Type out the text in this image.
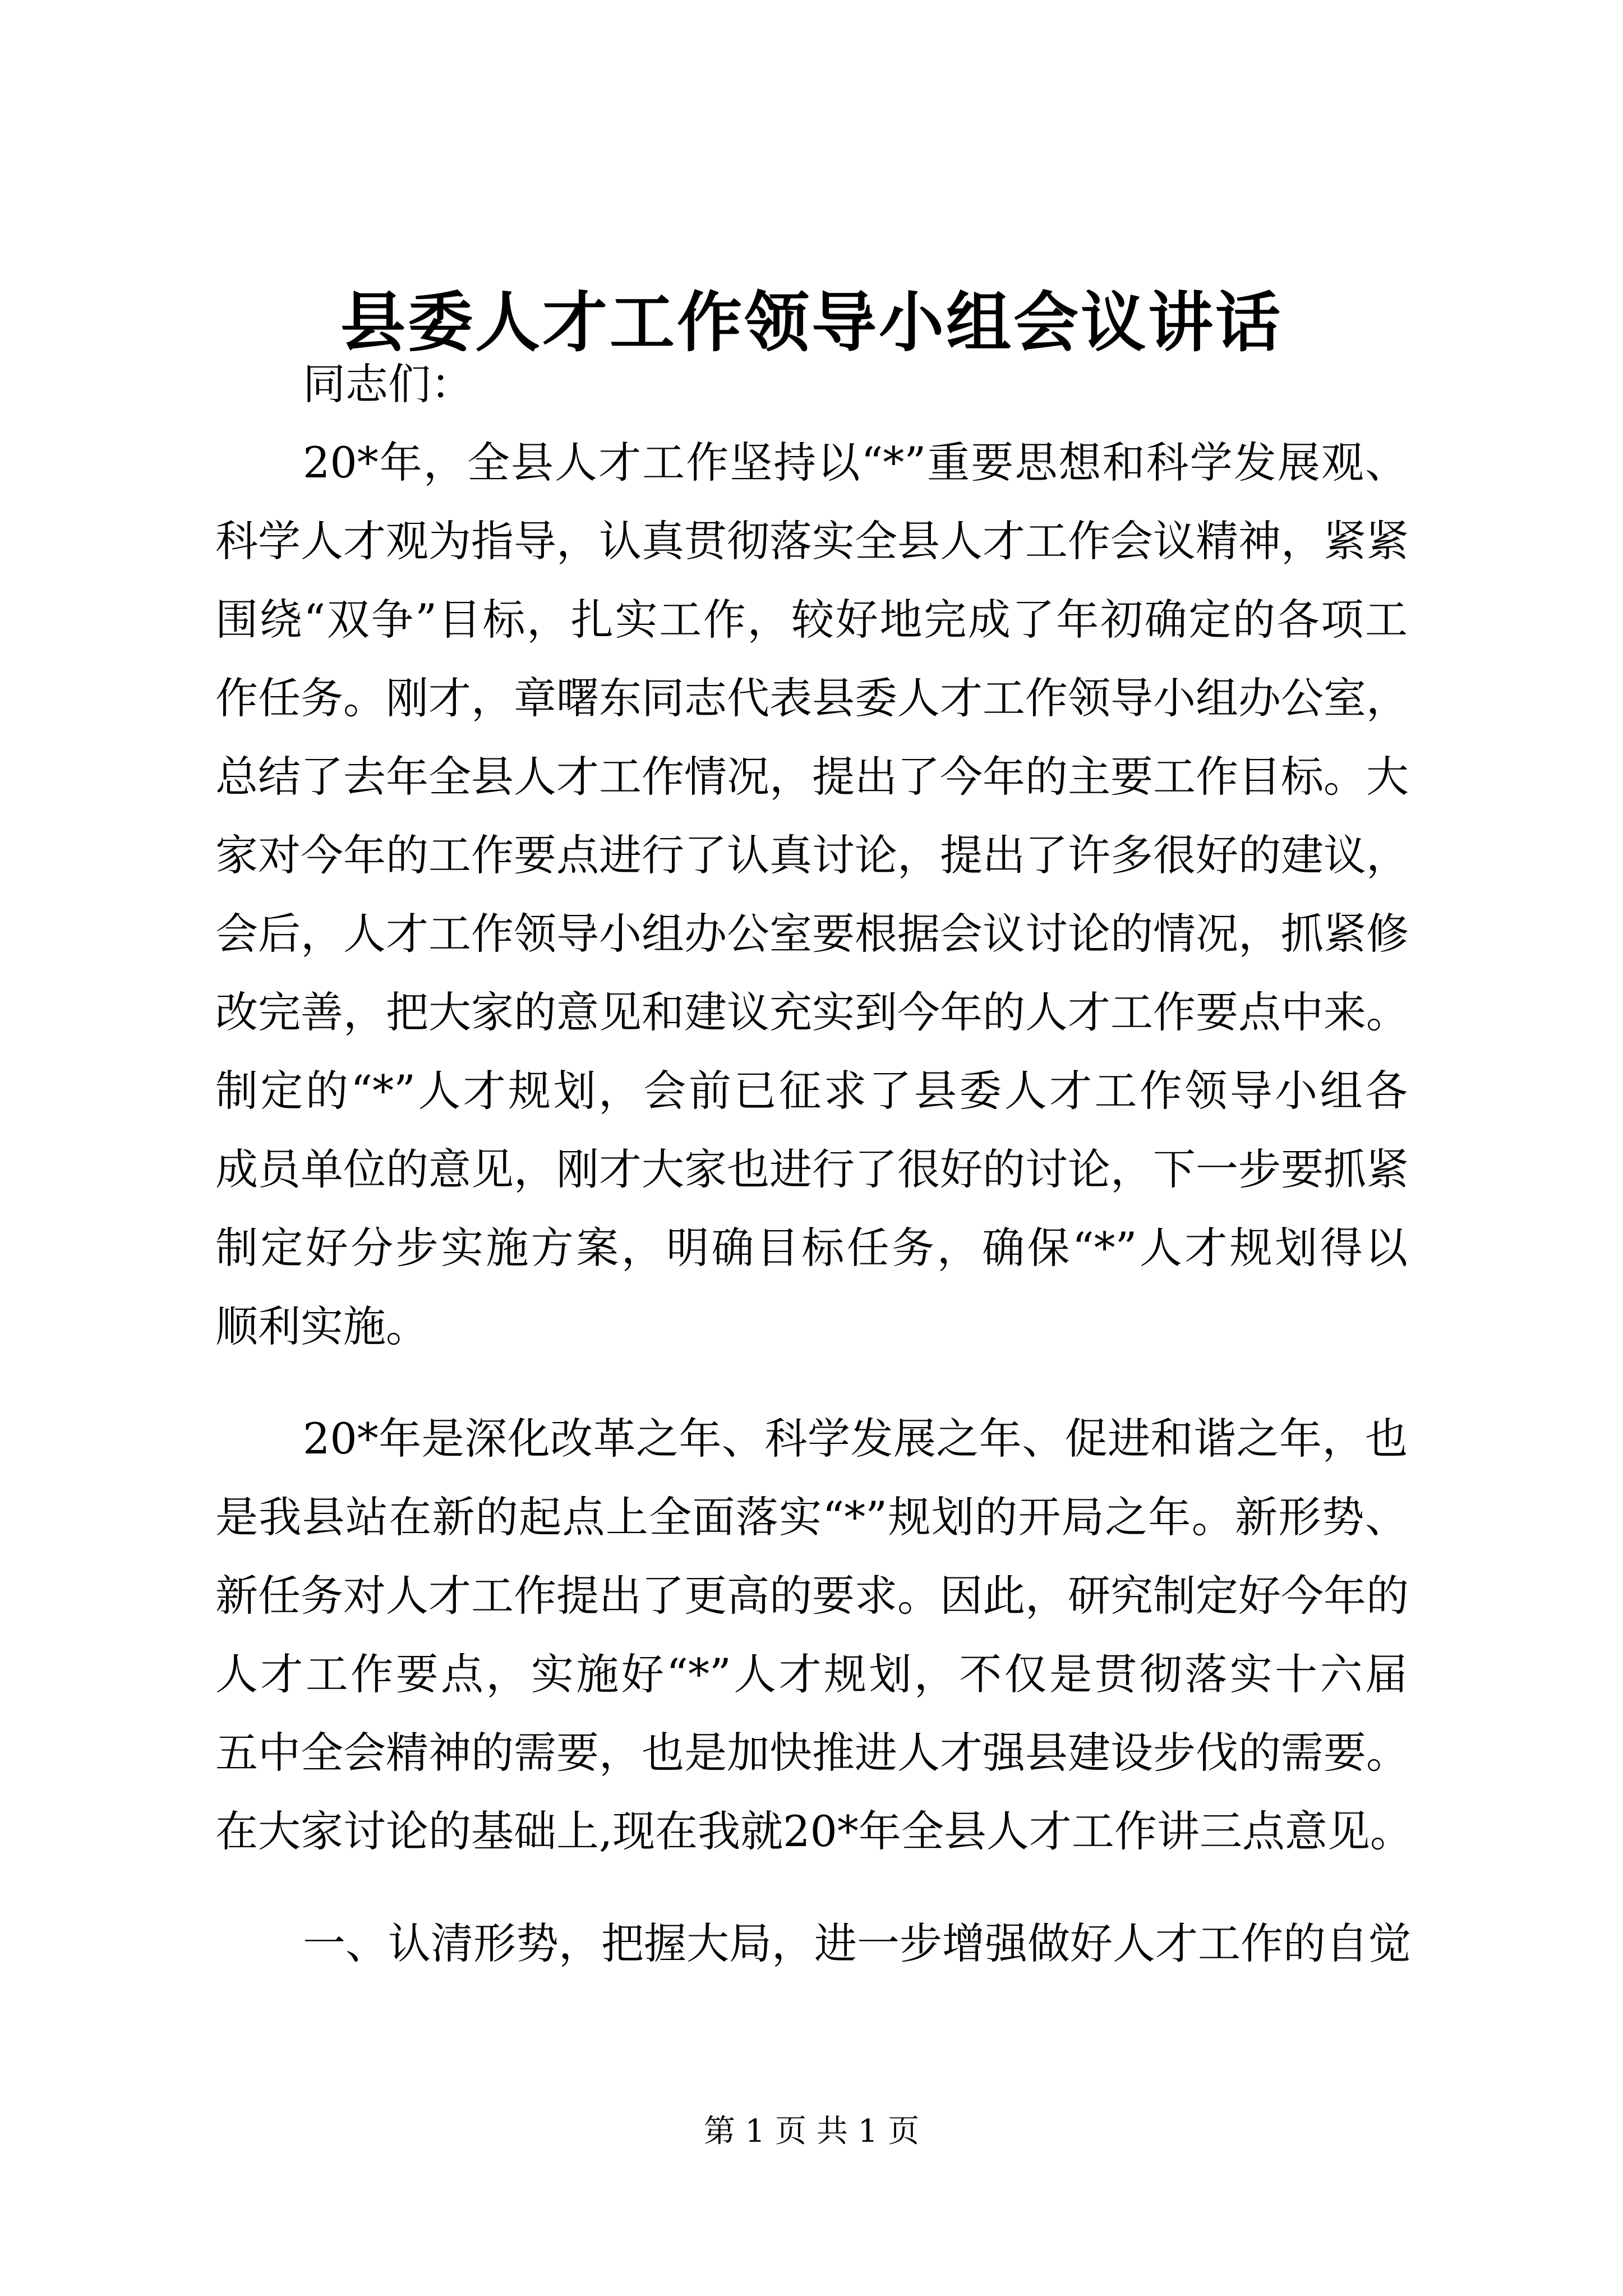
县委人才工作领导小组会议讲话
同志们：
20*年，全县人才工作坚持以“*”重要思想和科学发展观、
科学人才观为指导，认真贯彻落实全县人才工作会议精神，紧紧
围绕“双争”目标，扎实工作，较好地完成了年初确定的各项工
作任务。刚才，章曙东同志代表县委人才工作领导小组办公室，
总结了去年全县人才工作情况，提出了今年的主要工作目标。大
家对今年的工作要点进行了认真讨论，提出了许多很好的建议，
会后，人才工作领导小组办公室要根据会议讨论的情况，抓紧修
改完善，把大家的意见和建议充实到今年的人才工作要点中来。
制定的“*”人才规划，会前已征求了县委人才工作领导小组各
成员单位的意见，刚才大家也进行了很好的讨论，下一步要抓紧
制定好分步实施方案，明确目标任务，确保“*”人才规划得以
顺利实施。
20*年是深化改革之年、科学发展之年、促进和谐之年，也
是我县站在新的起点上全面落实“*”规划的开局之年。新形势、
新任务对人才工作提出了更高的要求。因此，研究制定好今年的
人才工作要点，实施好“*”人才规划，不仅是贯彻落实十六届
五中全会精神的需要，也是加快推进人才强县建设步伐的需要。
在大家讨论的基础上,现在我就20*年全县人才工作讲三点意见。
一、认清形势，把握大局，进一步增强做好人才工作的自觉
第 1 页 共 1 页
